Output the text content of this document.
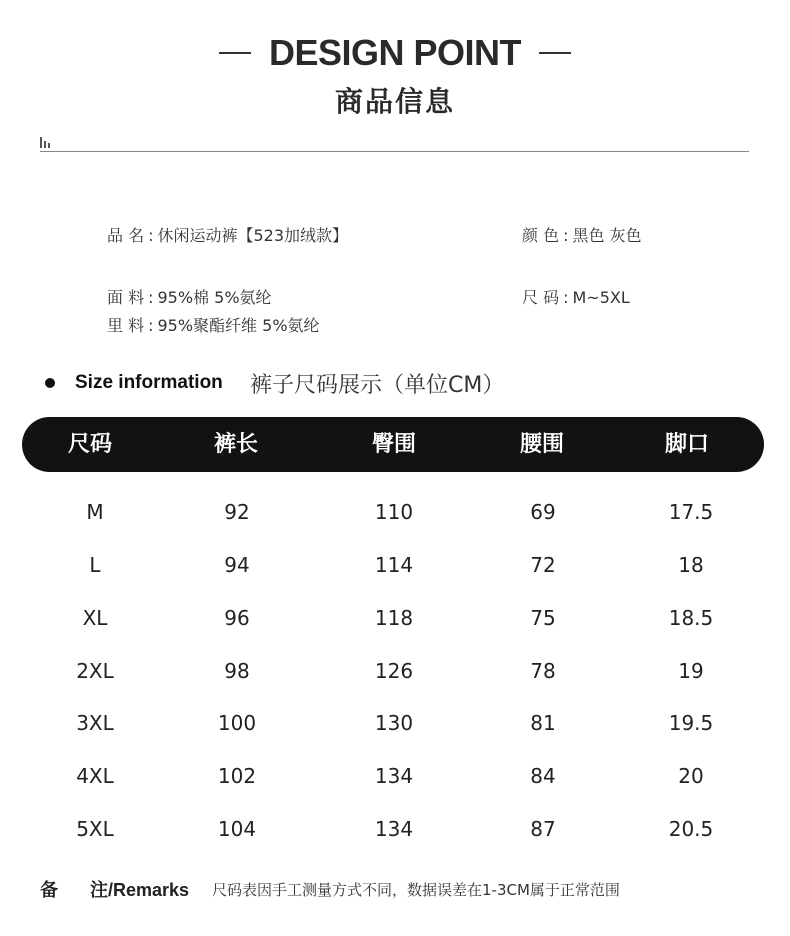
DESIGN POINT
商品信息
品 名 : 休闲运动裤【523加绒款】	颜 色 : 黑色 灰色
面 料 : 95%棉 5%氨纶	尺 码 : M~5XL
里 料 : 95%聚酯纤维 5%氨纶
Size information 裤子尺码展示（单位CM）
尺码	裤长	臀围	腰围	脚口
M	92	110	69	17.5
L	94	114	72	18
XL	96	118	75	18.5
2XL	98	126	78	19
3XL	100	130	81	19.5
4XL	102	134	84	20
5XL	104	134	87	20.5
备 注/Remarks 尺码表因手工测量方式不同，数据误差在1-3CM属于正常范围
